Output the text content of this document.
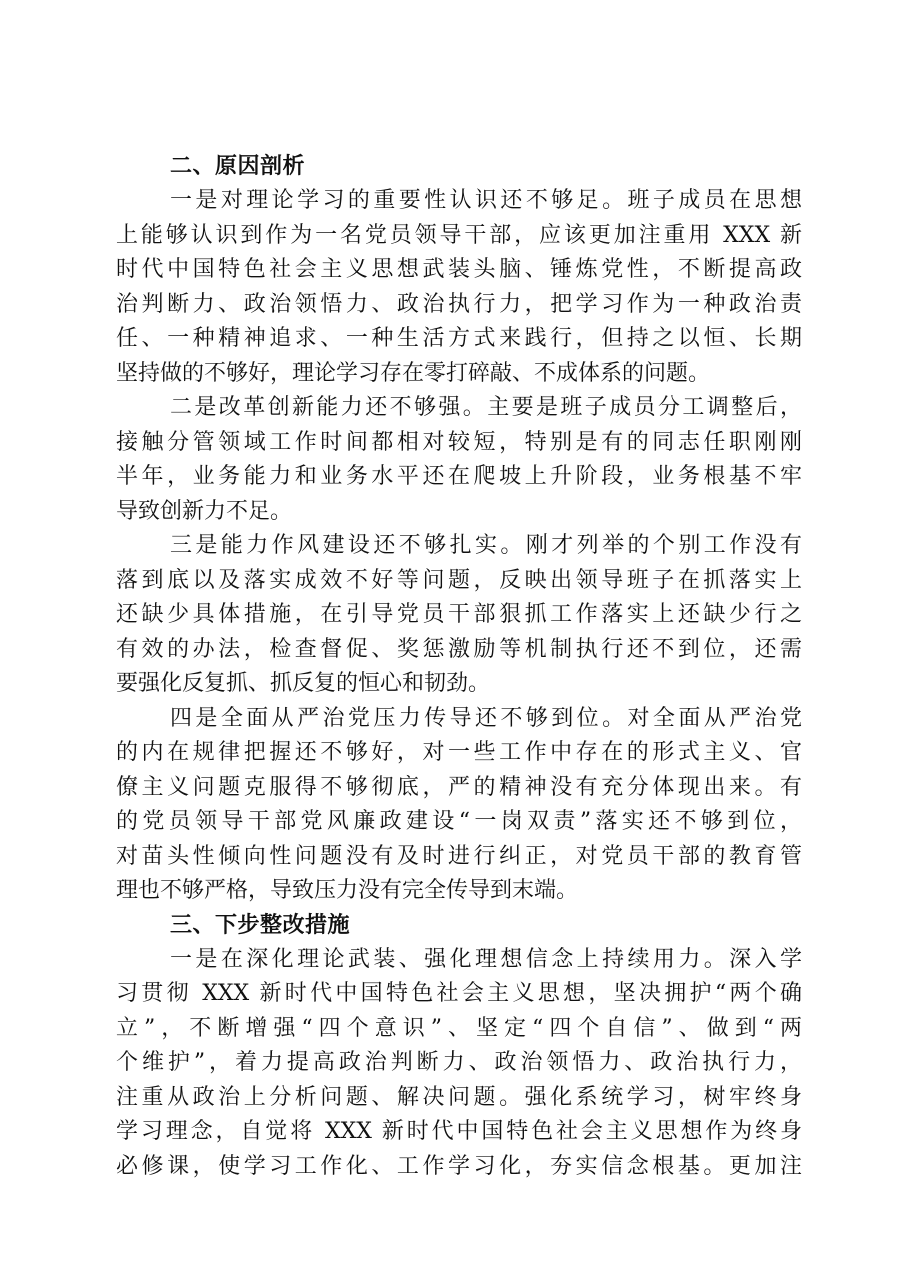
二、原因剖析
一是对理论学习的重要性认识还不够足。班子成员在思想
上能够认识到作为一名党员领导干部，应该更加注重用 XXX 新
时代中国特色社会主义思想武装头脑、锤炼党性，不断提高政
治判断力、政治领悟力、政治执行力，把学习作为一种政治责
任、一种精神追求、一种生活方式来践行，但持之以恒、长期
坚持做的不够好，理论学习存在零打碎敲、不成体系的问题。
二是改革创新能力还不够强。主要是班子成员分工调整后，
接触分管领域工作时间都相对较短，特别是有的同志任职刚刚
半年，业务能力和业务水平还在爬坡上升阶段，业务根基不牢
导致创新力不足。
三是能力作风建设还不够扎实。刚才列举的个别工作没有
落到底以及落实成效不好等问题，反映出领导班子在抓落实上
还缺少具体措施，在引导党员干部狠抓工作落实上还缺少行之
有效的办法，检查督促、奖惩激励等机制执行还不到位，还需
要强化反复抓、抓反复的恒心和韧劲。
四是全面从严治党压力传导还不够到位。对全面从严治党
的内在规律把握还不够好，对一些工作中存在的形式主义、官
僚主义问题克服得不够彻底，严的精神没有充分体现出来。有
的党员领导干部党风廉政建设“一岗双责”落实还不够到位，
对苗头性倾向性问题没有及时进行纠正，对党员干部的教育管
理也不够严格，导致压力没有完全传导到末端。
三、下步整改措施
一是在深化理论武装、强化理想信念上持续用力。深入学
习贯彻 XXX 新时代中国特色社会主义思想，坚决拥护“两个确
立”，不断增强“四个意识”、坚定“四个自信”、做到“两
个维护”，着力提高政治判断力、政治领悟力、政治执行力，
注重从政治上分析问题、解决问题。强化系统学习，树牢终身
学习理念，自觉将 XXX 新时代中国特色社会主义思想作为终身
必修课，使学习工作化、工作学习化，夯实信念根基。更加注
